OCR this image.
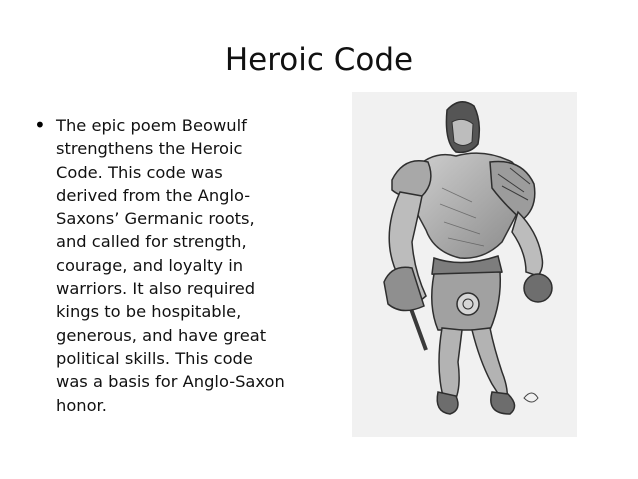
Heroic Code
• The epic poem Beowulf
strengthens the Heroic
Code. This code was
derived from the Anglo-
Saxons’ Germanic roots,
and called for strength,
courage, and loyalty in
warriors. It also required
kings to be hospitable,
generous, and have great
political skills. This code
was a basis for Anglo-Saxon
honor.
